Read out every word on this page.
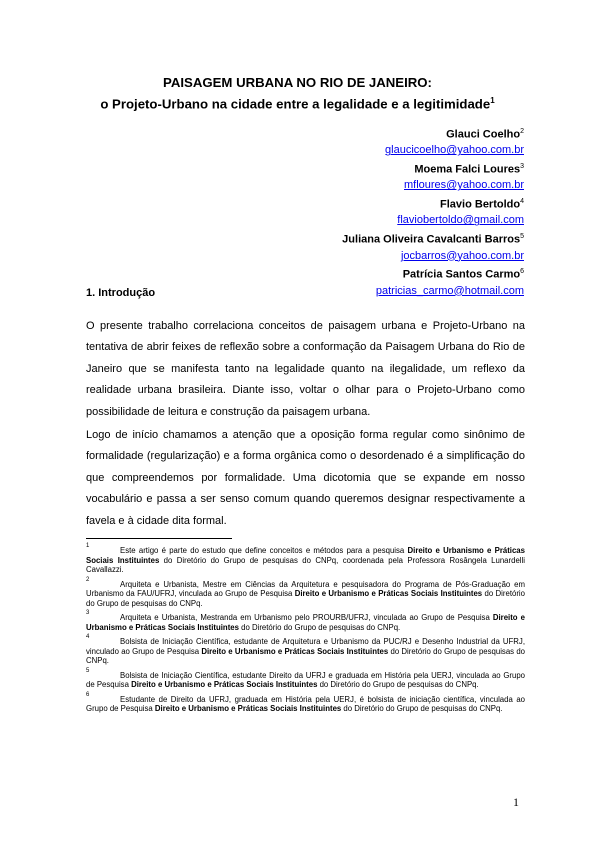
PAISAGEM URBANA NO RIO DE JANEIRO:
o Projeto-Urbano na cidade entre a legalidade e a legitimidade$^1$
Glauci Coelho$^2$
glaucicoelho@yahoo.com.br
Moema Falci Loures$^3$
mfloures@yahoo.com.br
Flavio Bertoldo$^4$
flaviobertoldo@gmail.com
Juliana Oliveira Cavalcanti Barros$^5$
jocbarros@yahoo.com.br
Patrícia Santos Carmo$^6$
patricias_carmo@hotmail.com
1. Introdução

O presente trabalho correlaciona conceitos de paisagem urbana e Projeto-Urbano na tentativa de abrir feixes de reflexão sobre a conformação da Paisagem Urbana do Rio de Janeiro que se manifesta tanto na legalidade quanto na ilegalidade, um reflexo da realidade urbana brasileira. Diante isso, voltar o olhar para o Projeto-Urbano como possibilidade de leitura e construção da paisagem urbana.

Logo de início chamamos a atenção que a oposição forma regular como sinônimo de formalidade (regularização) e a forma orgânica como o desordenado é a simplificação do que compreendemos por formalidade. Uma dicotomia que se expande em nosso vocabulário e passa a ser senso comum quando queremos designar respectivamente a favela e à cidade dita formal.

1	Este artigo é parte do estudo que define conceitos e métodos para a pesquisa Direito e Urbanismo e Práticas Sociais Instituintes do Diretório do Grupo de pesquisas do CNPq, coordenada pela Professora Rosângela Lunardelli Cavallazzi.

2	Arquiteta e Urbanista, Mestre em Ciências da Arquitetura e pesquisadora do Programa de Pós-Graduação em Urbanismo da FAU/UFRJ, vinculada ao Grupo de Pesquisa Direito e Urbanismo e Práticas Sociais Instituintes do Diretório do Grupo de pesquisas do CNPq.

3	Arquiteta e Urbanista, Mestranda em Urbanismo pelo PROURB/UFRJ, vinculada ao Grupo de Pesquisa Direito e Urbanismo e Práticas Sociais Instituintes do Diretório do Grupo de pesquisas do CNPq.

4	Bolsista de Iniciação Científica, estudante de Arquitetura e Urbanismo da PUC/RJ e Desenho Industrial da UFRJ, vinculado ao Grupo de Pesquisa Direito e Urbanismo e Práticas Sociais Instituintes do Diretório do Grupo de pesquisas do CNPq.

5	Bolsista de Iniciação Científica, estudante Direito da UFRJ e graduada em História pela UERJ, vinculada ao Grupo de Pesquisa Direito e Urbanismo e Práticas Sociais Instituintes do Diretório do Grupo de pesquisas do CNPq.

6	Estudante de Direito da UFRJ, graduada em História pela UERJ, é bolsista de iniciação científica, vinculada ao Grupo de Pesquisa Direito e Urbanismo e Práticas Sociais Instituintes do Diretório do Grupo de pesquisas do CNPq.

1
